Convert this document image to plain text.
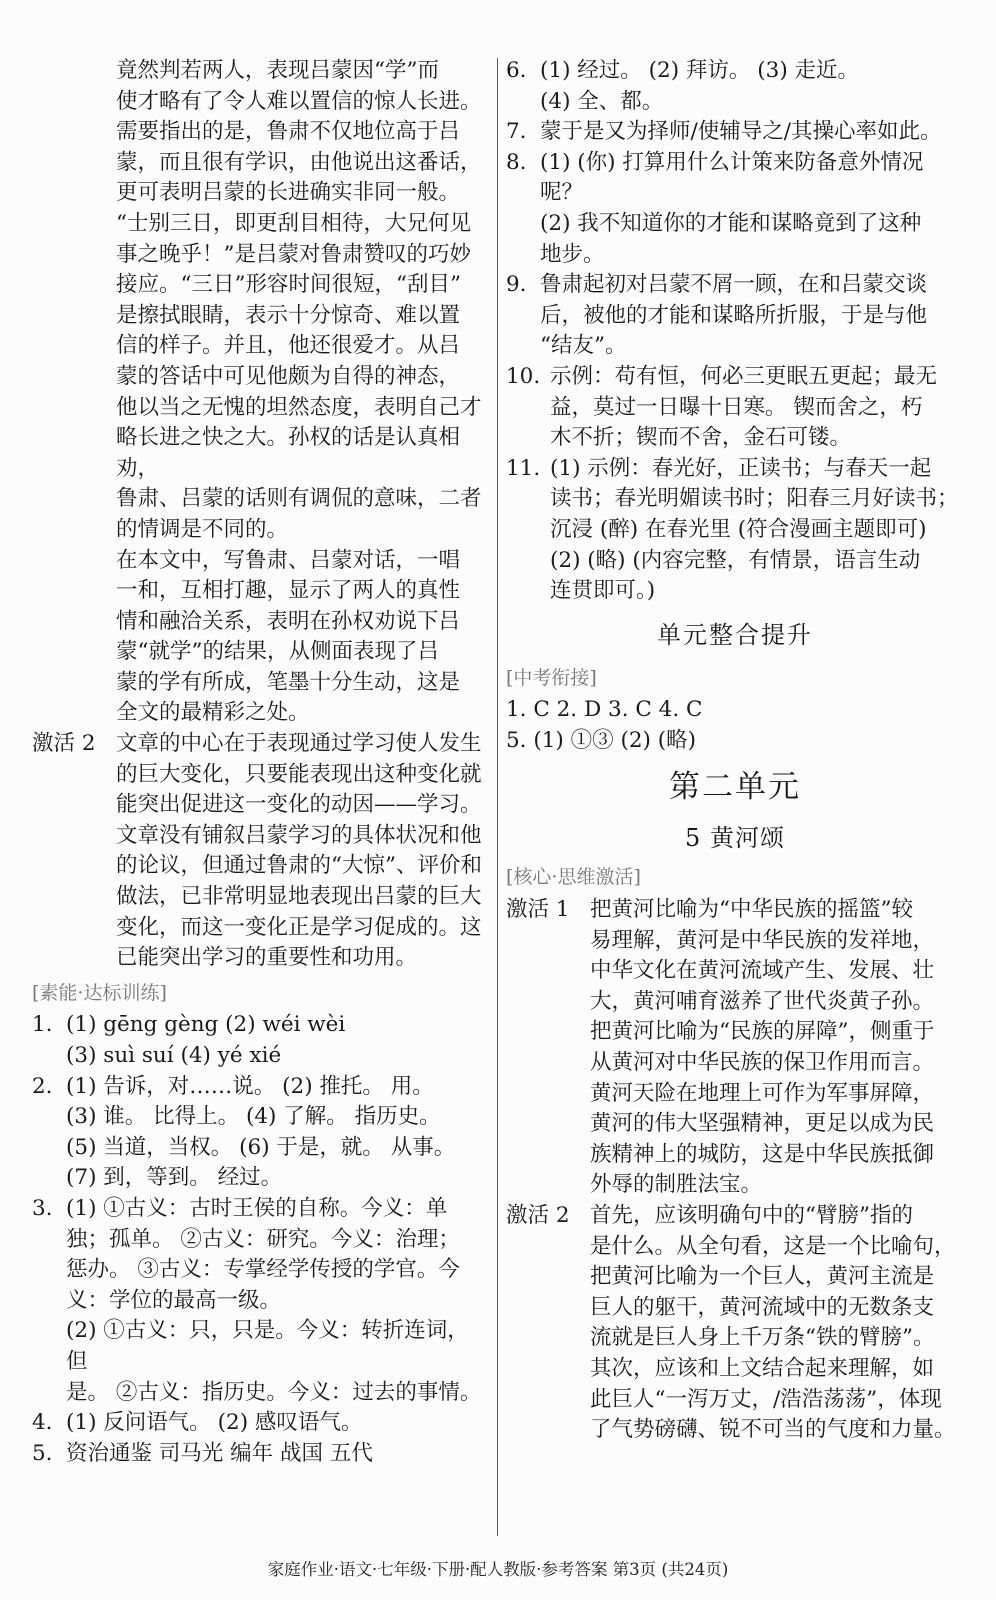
竟然判若两人，表现吕蒙因“学”而

使才略有了令人难以置信的惊人长进。

需要指出的是，鲁肃不仅地位高于吕

蒙，而且很有学识，由他说出这番话，

更可表明吕蒙的长进确实非同一般。

“士别三日，即更刮目相待，大兄何见

事之晚乎！”是吕蒙对鲁肃赞叹的巧妙

接应。“三日”形容时间很短，“刮目”

是擦拭眼睛，表示十分惊奇、难以置

信的样子。并且，他还很爱才。从吕

蒙的答话中可见他颇为自得的神态，

他以当之无愧的坦然态度，表明自己才

略长进之快之大。孙权的话是认真相劝，

鲁肃、吕蒙的话则有调侃的意味，二者

的情调是不同的。

在本文中，写鲁肃、吕蒙对话，一唱

一和，互相打趣，显示了两人的真性

情和融洽关系，表明在孙权劝说下吕

蒙“就学”的结果，从侧面表现了吕

蒙的学有所成，笔墨十分生动，这是

全文的最精彩之处。

激活 2 文章的中心在于表现通过学习使人发生

的巨大变化，只要能表现出这种变化就

能突出促进这一变化的动因——学习。

文章没有铺叙吕蒙学习的具体状况和他

的论议，但通过鲁肃的“大惊”、评价和

做法，已非常明显地表现出吕蒙的巨大

变化，而这一变化正是学习促成的。这

已能突出学习的重要性和功用。

[素能·达标训练]
1. (1) gēng gèng (2) wéi wèi

(3) suì suí (4) yé xié

2. (1) 告诉，对……说。 (2) 推托。 用。

(3) 谁。 比得上。 (4) 了解。 指历史。

(5) 当道，当权。 (6) 于是，就。 从事。

(7) 到，等到。 经过。

3. (1) ①古义：古时王侯的自称。今义：单

独；孤单。 ②古义：研究。今义：治理；

惩办。 ③古义：专掌经学传授的学官。今

义：学位的最高一级。

(2) ①古义：只，只是。今义：转折连词，但

是。 ②古义：指历史。今义：过去的事情。

4. (1) 反问语气。 (2) 感叹语气。

5. 资治通鉴 司马光 编年 战国 五代

6. (1) 经过。 (2) 拜访。 (3) 走近。

(4) 全、都。

7. 蒙于是又为择师/使辅导之/其操心率如此。

8. (1) (你) 打算用什么计策来防备意外情况呢？

(2) 我不知道你的才能和谋略竟到了这种

地步。

9. 鲁肃起初对吕蒙不屑一顾，在和吕蒙交谈

后，被他的才能和谋略所折服，于是与他

“结友”。

10. 示例：苟有恒，何必三更眠五更起；最无

益，莫过一日曝十日寒。 锲而舍之，朽

木不折；锲而不舍，金石可镂。

11. (1) 示例：春光好，正读书；与春天一起

读书；春光明媚读书时；阳春三月好读书；

沉浸 (醉) 在春光里 (符合漫画主题即可)

(2) (略) (内容完整，有情景，语言生动

连贯即可。)

单元整合提升
[中考衔接]

1. C 2. D 3. C 4. C

5. (1) ①③ (2) (略)

第二单元
5 黄河颂
[核心·思维激活]
激活 1 把黄河比喻为“中华民族的摇篮”较

易理解，黄河是中华民族的发祥地，

中华文化在黄河流域产生、发展、壮

大，黄河哺育滋养了世代炎黄子孙。

把黄河比喻为“民族的屏障”，侧重于

从黄河对中华民族的保卫作用而言。

黄河天险在地理上可作为军事屏障，

黄河的伟大坚强精神，更足以成为民

族精神上的城防，这是中华民族抵御

外辱的制胜法宝。

激活 2 首先，应该明确句中的“臂膀”指的

是什么。从全句看，这是一个比喻句，

把黄河比喻为一个巨人，黄河主流是

巨人的躯干，黄河流域中的无数条支

流就是巨人身上千万条“铁的臂膀”。

其次，应该和上文结合起来理解，如

此巨人“一泻万丈，/浩浩荡荡”，体现

了气势磅礴、锐不可当的气度和力量。

家庭作业·语文·七年级·下册·配人教版·参考答案 第3页 (共24页)
